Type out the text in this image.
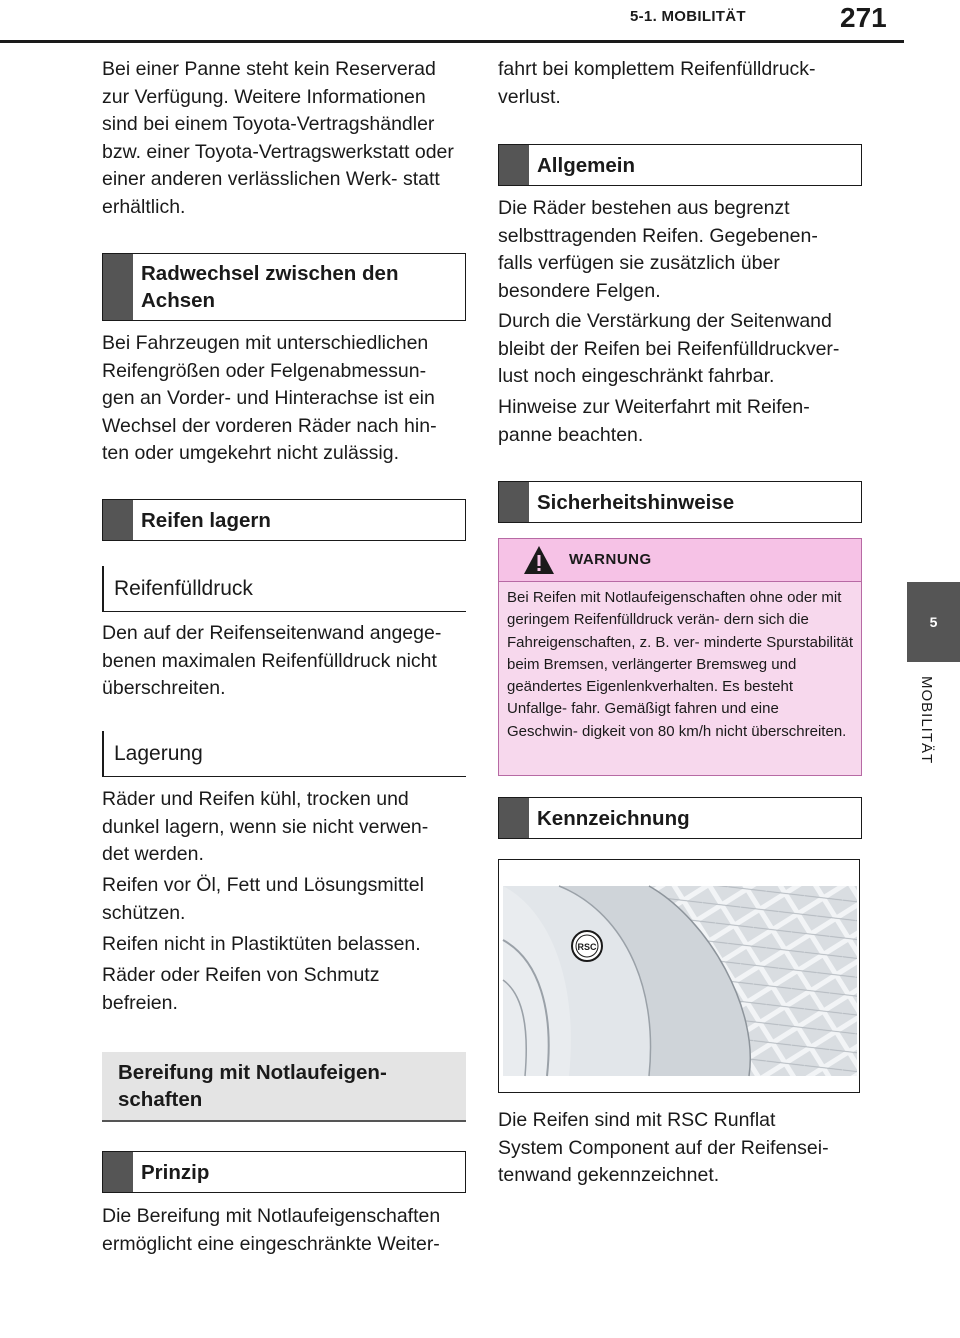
5-1. MOBILITÄT	271
5
MOBILITÄT

Bei einer Panne steht kein Reserverad zur Verfügung. Weitere Informationen sind bei einem Toyota-Vertragshändler bzw. einer Toyota-Vertragswerkstatt oder einer anderen verlässlichen Werk- statt erhältlich.

Radwechsel zwischen den Achsen

Bei Fahrzeugen mit unterschiedlichen Reifengrößen oder Felgenabmessun- gen an Vorder- und Hinterachse ist ein Wechsel der vorderen Räder nach hin- ten oder umgekehrt nicht zulässig.

Reifen lagern
Reifenfülldruck

Den auf der Reifenseitenwand angege- benen maximalen Reifenfülldruck nicht überschreiten.

Lagerung

Räder und Reifen kühl, trocken und dunkel lagern, wenn sie nicht verwen- det werden.

Reifen vor Öl, Fett und Lösungsmittel schützen.

Reifen nicht in Plastiktüten belassen.

Räder oder Reifen von Schmutz befreien.

Bereifung mit Notlaufeigen- schaften
Prinzip

Die Bereifung mit Notlaufeigenschaften ermöglicht eine eingeschränkte Weiter-

fahrt bei komplettem Reifenfülldruck- verlust.

Allgemein

Die Räder bestehen aus begrenzt selbsttragenden Reifen. Gegebenen- falls verfügen sie zusätzlich über besondere Felgen.

Durch die Verstärkung der Seitenwand bleibt der Reifen bei Reifenfülldruckver- lust noch eingeschränkt fahrbar.

Hinweise zur Weiterfahrt mit Reifen- panne beachten.

Sicherheitshinweise
WARNUNG

Bei Reifen mit Notlaufeigenschaften ohne oder mit geringem Reifenfülldruck verän- dern sich die Fahreigenschaften, z. B. ver- minderte Spurstabilität beim Bremsen, verlängerter Bremsweg und geändertes Eigenlenkverhalten. Es besteht Unfallge- fahr. Gemäßigt fahren und eine Geschwin- digkeit von 80 km/h nicht überschreiten.

Kennzeichnung
RSC

Die Reifen sind mit RSC Runflat System Component auf der Reifensei- tenwand gekennzeichnet.
